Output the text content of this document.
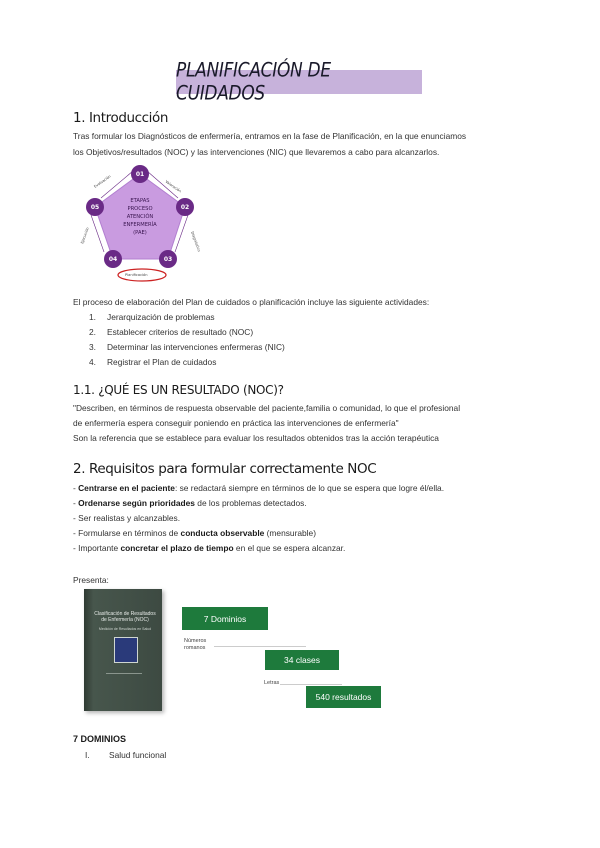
PLANIFICACIÓN DE CUIDADOS
1. Introducción
Tras formular los Diagnósticos de enfermería, entramos en la fase de Planificación, en la que enunciamos
los Objetivos/resultados (NOC) y las intervenciones (NIC) que llevaremos a cabo para alcanzarlos.
ETAPAS
PROCESO
ATENCIÓN
ENFERMERÍA
(PAE)
01
02
03
04
05
Valoración
Diagnóstico
Planificación
Ejecución
Evaluación
El proceso de elaboración del Plan de cuidados o planificación incluye las siguiente actividades:
1. Jerarquización de problemas
2. Establecer criterios de resultado (NOC)
3. Determinar las intervenciones enfermeras (NIC)
4. Registrar el Plan de cuidados
1.1. ¿QUÉ ES UN RESULTADO (NOC)?
"Describen, en términos de respuesta observable del paciente,familia o comunidad, lo que el profesional
de enfermería espera conseguir poniendo en práctica las intervenciones de enfermería"
Son la referencia que se establece para evaluar los resultados obtenidos tras la acción terapéutica
2. Requisitos para formular correctamente NOC
- Centrarse en el paciente: se redactará siempre en términos de lo que se espera que logre él/ella.
- Ordenarse según prioridades de los problemas detectados.
- Ser realistas y alcanzables.
- Formularse en términos de conducta observable (mensurable)
- Importante concretar el plazo de tiempo en el que se espera alcanzar.
Presenta:
Clasificación de Resultados de Enfermería (NOC)
Medición de Resultados en Salud
7 Dominios
Números romanos
34 clases
Letras
540 resultados
7 DOMINIOS
I. Salud funcional
